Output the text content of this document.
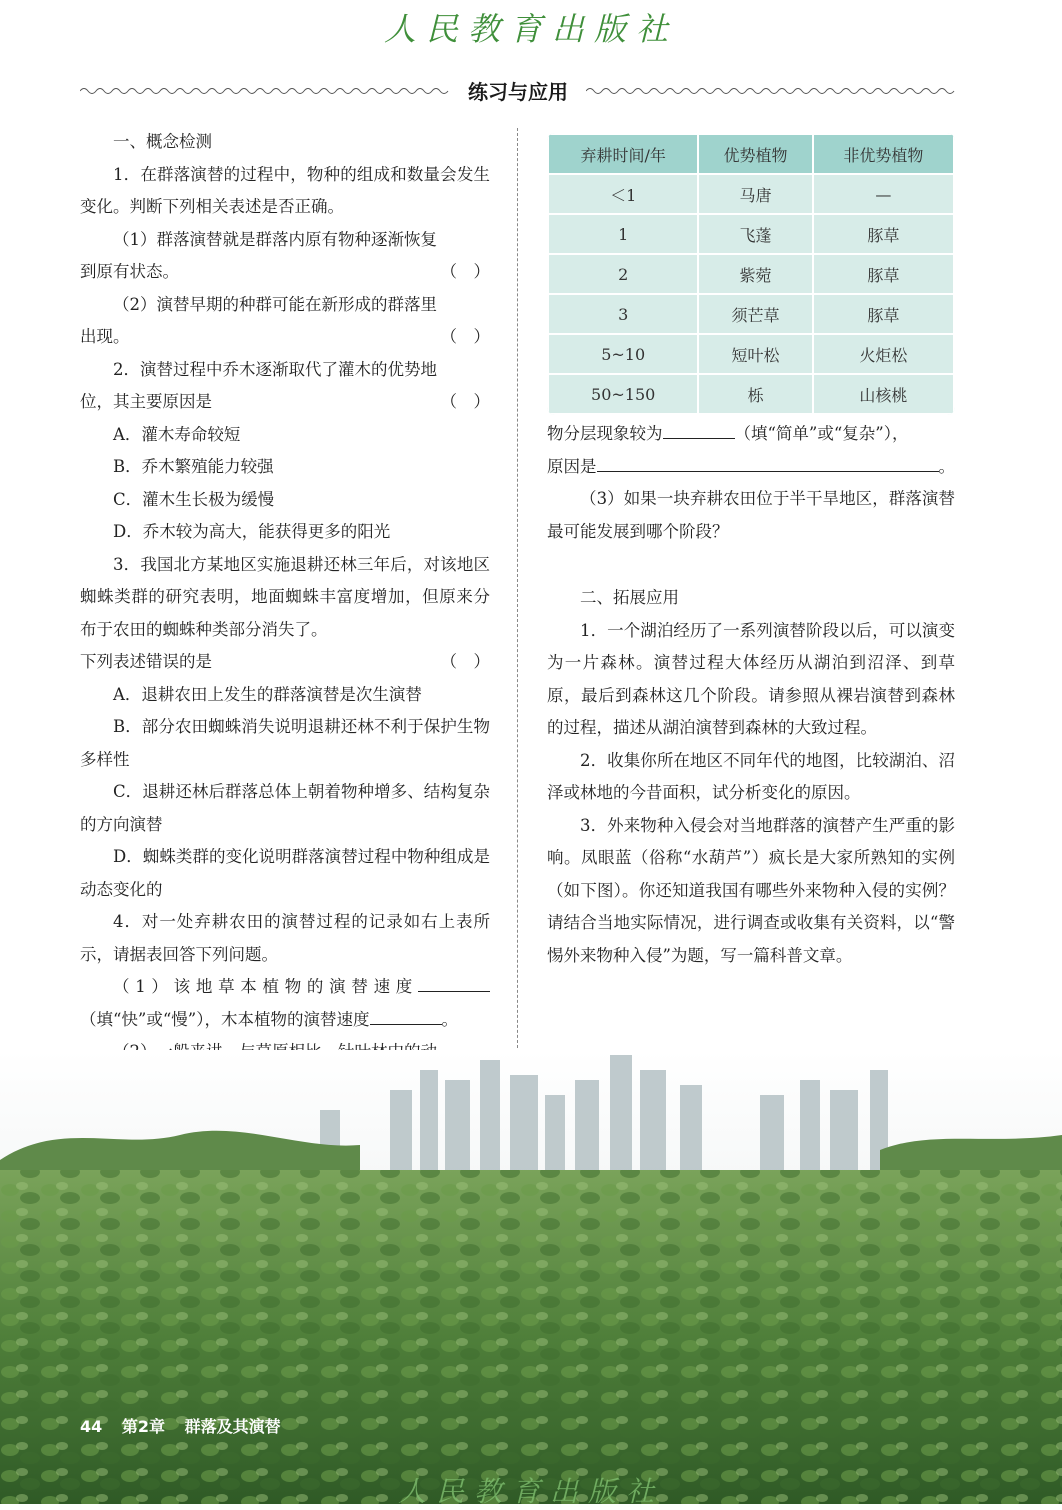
人民教育出版社
练习与应用

一、概念检测

1．在群落演替的过程中，物种的组成和数量会发生变化。判断下列相关表述是否正确。

（1）群落演替就是群落内原有物种逐渐恢复

到原有状态。	（　）

（2）演替早期的种群可能在新形成的群落里

出现。	（　）

2．演替过程中乔木逐渐取代了灌木的优势地

位，其主要原因是	（　）

A．灌木寿命较短

B．乔木繁殖能力较强

C．灌木生长极为缓慢

D．乔木较为高大，能获得更多的阳光

3．我国北方某地区实施退耕还林三年后，对该地区蜘蛛类群的研究表明，地面蜘蛛丰富度增加，但原来分布于农田的蜘蛛种类部分消失了。

下列表述错误的是	（　）

A．退耕农田上发生的群落演替是次生演替

B．部分农田蜘蛛消失说明退耕还林不利于保护生物多样性

C．退耕还林后群落总体上朝着物种增多、结构复杂的方向演替

D．蜘蛛类群的变化说明群落演替过程中物种组成是动态变化的

4．对一处弃耕农田的演替过程的记录如右上表所示，请据表回答下列问题。

（1）该地草本植物的演替速度（填“快”或“慢”），木本植物的演替速度	。

弃耕时间/年	优势植物	非优势植物
＜1	马唐	—
1	飞蓬	豚草
2	紫菀	豚草
3	须芒草	豚草
5~10	短叶松	火炬松
50~150	栎	山核桃

物分层现象较为	（填“简单”或“复杂”），

原因是	。

（3）如果一块弃耕农田位于半干旱地区，群落演替最可能发展到哪个阶段？

二、拓展应用

1．一个湖泊经历了一系列演替阶段以后，可以演变为一片森林。演替过程大体经历从湖泊到沼泽、到草原，最后到森林这几个阶段。请参照从裸岩演替到森林的过程，描述从湖泊演替到森林的大致过程。

2．收集你所在地区不同年代的地图，比较湖泊、沼泽或林地的今昔面积，试分析变化的原因。

3．外来物种入侵会对当地群落的演替产生严重的影响。凤眼蓝（俗称“水葫芦”）疯长是大家所熟知的实例（如下图）。你还知道我国有哪些外来物种入侵的实例？请结合当地实际情况，进行调查或收集有关资料，以“警惕外来物种入侵”为题，写一篇科普文章。

44 第2章 群落及其演替
人民教育出版社
